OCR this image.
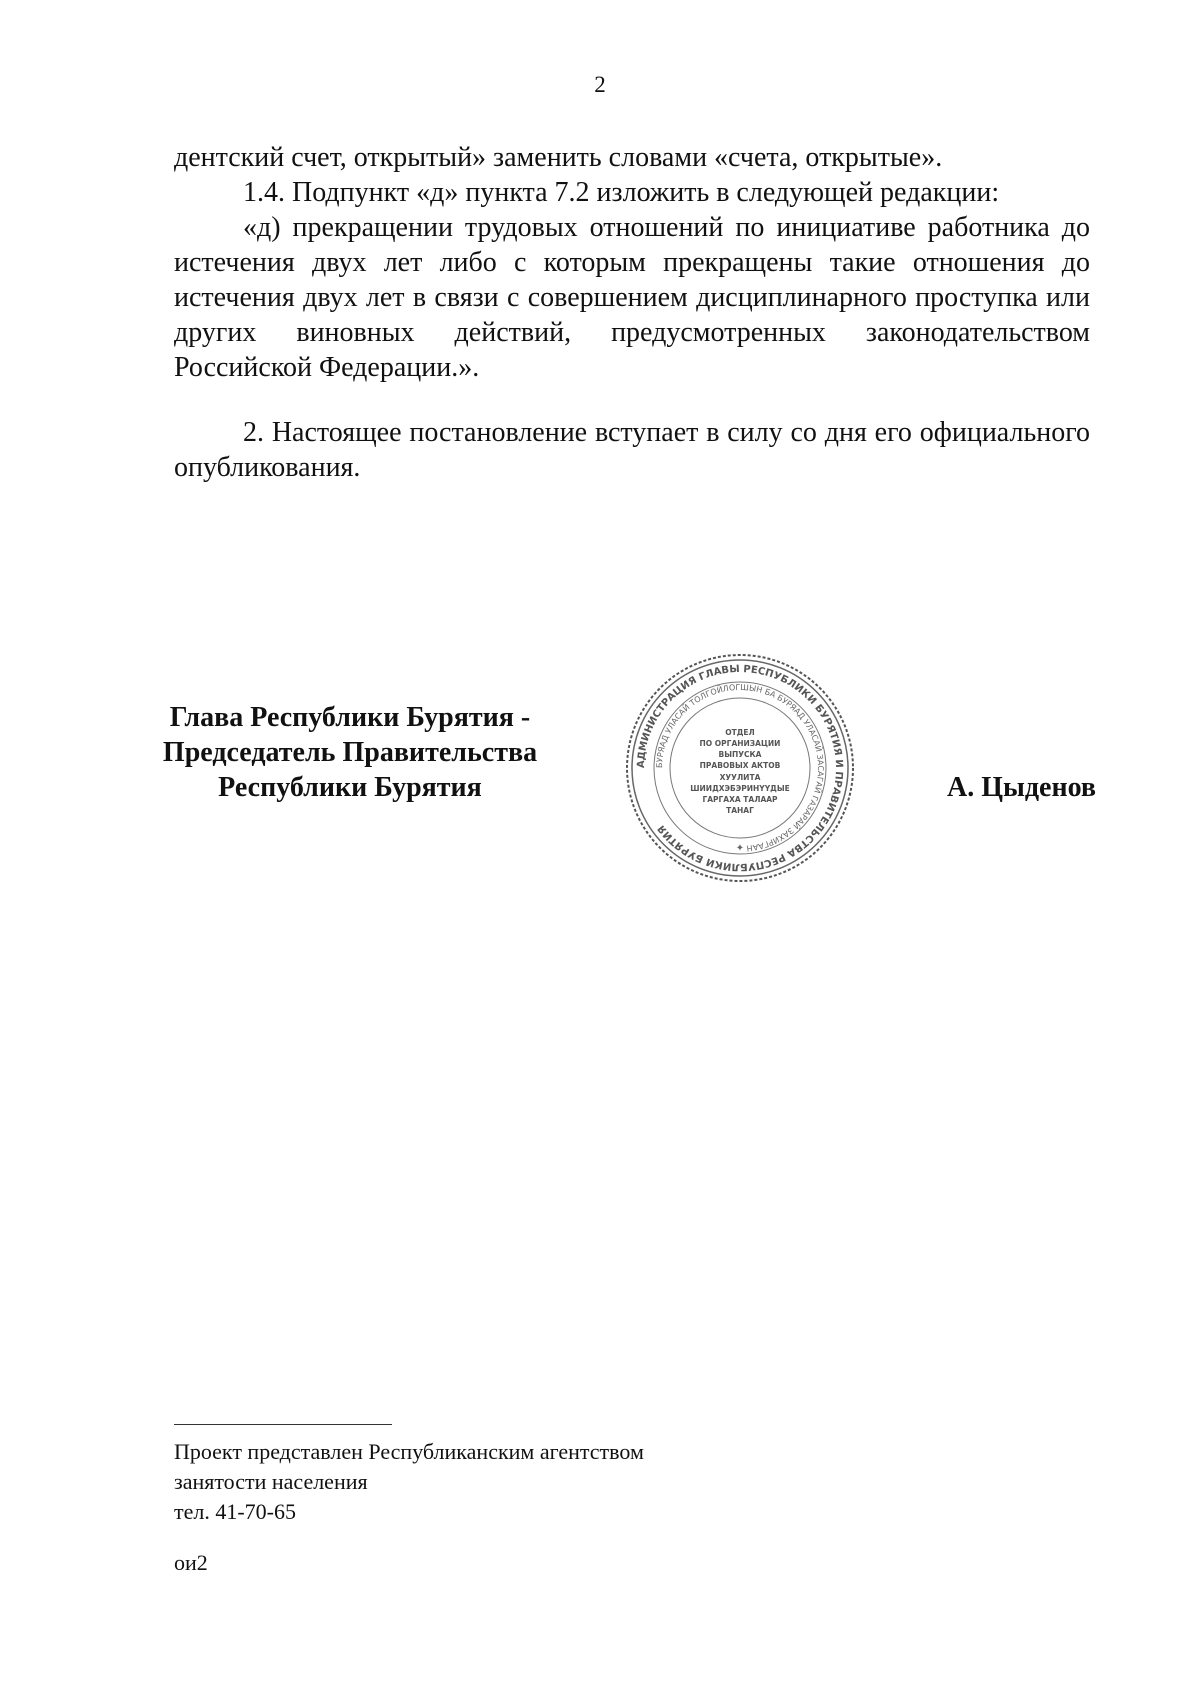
2

дентский счет, открытый» заменить словами «счета, открытые».

1.4. Подпункт «д» пункта 7.2 изложить в следующей редакции:

«д) прекращении трудовых отношений по инициативе работника до истечения двух лет либо с которым прекращены такие отношения до истечения двух лет в связи с совершением дисциплинарного проступка или других виновных действий, предусмотренных законодательством Российской Федерации.».

2. Настоящее постановление вступает в силу со дня его официального опубликования.

Глава Республики Бурятия -
Председатель Правительства
Республики Бурятия
АДМИНИСТРАЦИЯ ГЛАВЫ РЕСПУБЛИКИ БУРЯТИЯ И ПРАВИТЕЛЬСТВА РЕСПУБЛИКИ БУРЯТИЯ
БУРЯАД УЛАСАЙ ТОЛГОЙЛОГШЫН БА БУРЯАД УЛАСАЙ ЗАСАГАЙ ГАЗАРАЙ ЗАХИРГААН
ОТДЕЛ
ПО ОРГАНИЗАЦИИ
ВЫПУСКА
ПРАВОВЫХ АКТОВ
ХУУЛИТА
ШИИДХЭБЭРИНҮҮДЫЕ
ГАРГАХА ТАЛААР
ТАНАГ
✦
А. Цыденов
Проект представлен Республиканским агентством
занятости населения
тел. 41-70-65
ои2
